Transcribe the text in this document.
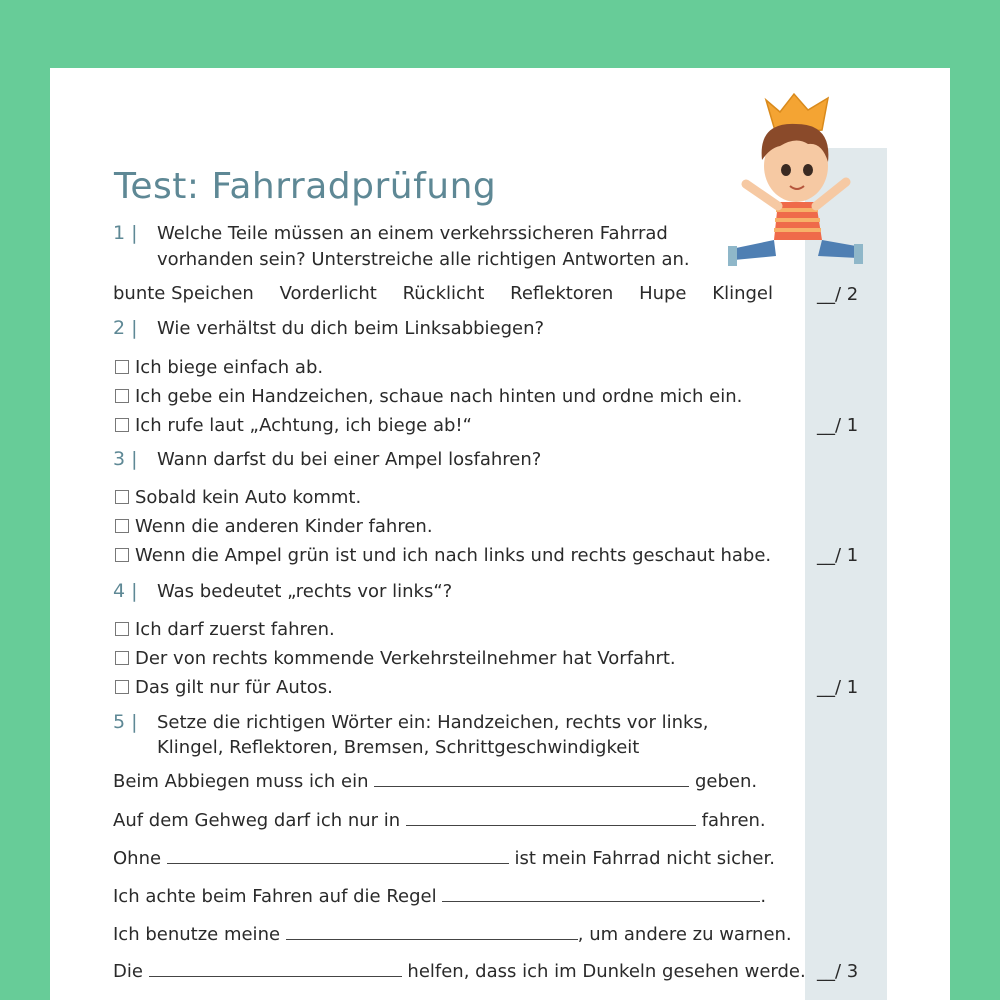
Test: Fahrradprüfung
1 | Welche Teile müssen an einem verkehrssicheren Fahrrad
vorhanden sein? Unterstreiche alle richtigen Antworten an.
bunte Speichen Vorderlicht Rücklicht Reflektoren Hupe Klingel __/ 2
2 | Wie verhältst du dich beim Linksabbiegen?
Ich biege einfach ab.
Ich gebe ein Handzeichen, schaue nach hinten und ordne mich ein.
Ich rufe laut „Achtung, ich biege ab!“	__/ 1
3 | Wann darfst du bei einer Ampel losfahren?
Sobald kein Auto kommt.
Wenn die anderen Kinder fahren.
Wenn die Ampel grün ist und ich nach links und rechts geschaut habe.	__/ 1
4 | Was bedeutet „rechts vor links“?
Ich darf zuerst fahren.
Der von rechts kommende Verkehrsteilnehmer hat Vorfahrt.
Das gilt nur für Autos.	__/ 1
5 | Setze die richtigen Wörter ein: Handzeichen, rechts vor links,
Klingel, Reflektoren, Bremsen, Schrittgeschwindigkeit
Beim Abbiegen muss ich ein	geben.
Auf dem Gehweg darf ich nur in	fahren.
Ohne	ist mein Fahrrad nicht sicher.
Ich achte beim Fahren auf die Regel	.
Ich benutze meine	, um andere zu warnen.
Die	helfen, dass ich im Dunkeln gesehen werde. __/ 3
